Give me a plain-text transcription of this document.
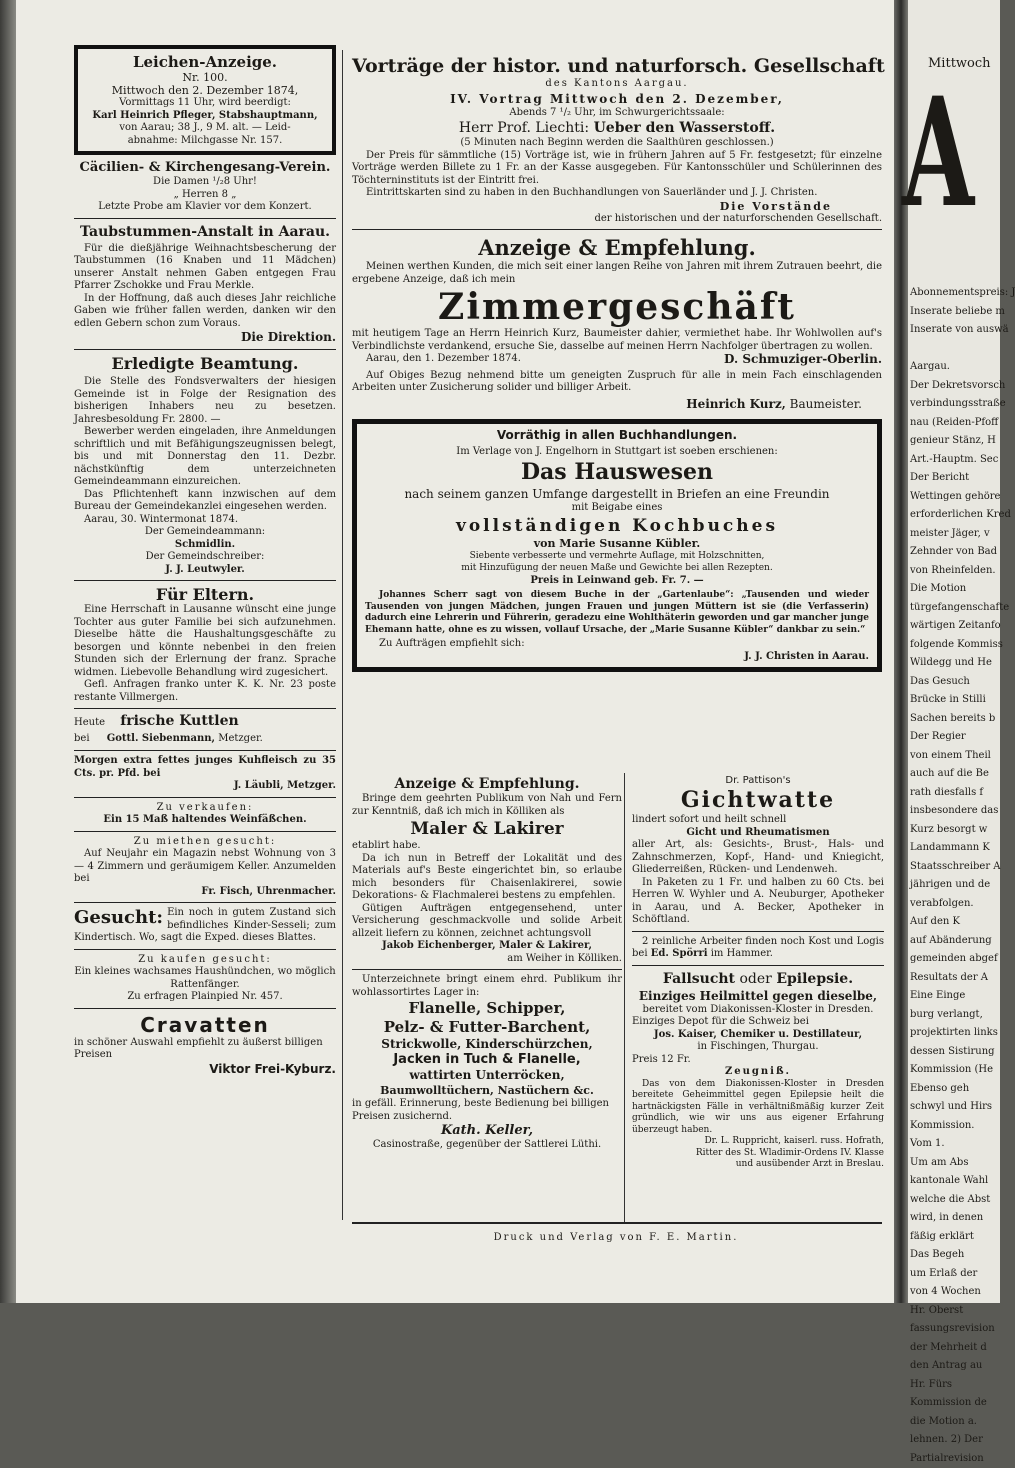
Leichen-Anzeige.

Nr. 100.

Mittwoch den 2. Dezember 1874,

Vormittags 11 Uhr, wird beerdigt:

Karl Heinrich Pfleger, Stabshauptmann,

von Aarau; 38 J., 9 M. alt. — Leid-

abnahme: Milchgasse Nr. 157.

Cäcilien- & Kirchengesang-Verein.

Die Damen ¹/₂8 Uhr!

„ Herren 8 „

Letzte Probe am Klavier vor dem Konzert.

Taubstummen-Anstalt in Aarau.

Für die dießjährige Weihnachtsbescherung der Taubstummen (16 Knaben und 11 Mädchen) unserer Anstalt nehmen Gaben entgegen Frau Pfarrer Zschokke und Frau Merkle.

In der Hoffnung, daß auch dieses Jahr reichliche Gaben wie früher fallen werden, danken wir den edlen Gebern schon zum Voraus.

Die Direktion.

Erledigte Beamtung.

Die Stelle des Fondsverwalters der hiesigen Gemeinde ist in Folge der Resignation des bisherigen Inhabers neu zu besetzen. Jahresbesoldung Fr. 2800. —

Bewerber werden eingeladen, ihre Anmeldungen schriftlich und mit Befähigungszeugnissen belegt, bis und mit Donnerstag den 11. Dezbr. nächstkünftig dem unterzeichneten Gemeindeammann einzureichen.

Das Pflichtenheft kann inzwischen auf dem Bureau der Gemeindekanzlei eingesehen werden.

Aarau, 30. Wintermonat 1874.

Der Gemeindeammann:

Schmidlin.

Der Gemeindschreiber:

J. J. Leutwyler.

Für Eltern.

Eine Herrschaft in Lausanne wünscht eine junge Tochter aus guter Familie bei sich aufzunehmen. Dieselbe hätte die Haushaltungsgeschäfte zu besorgen und könnte nebenbei in den freien Stunden sich der Erlernung der franz. Sprache widmen. Liebevolle Behandlung wird zugesichert.

Gefl. Anfragen franko unter K. K. Nr. 23 poste restante Villmergen.

Heute frische Kuttlen

bei Gottl. Siebenmann, Metzger.

Morgen extra fettes junges Kuhfleisch zu 35 Cts. pr. Pfd. bei

J. Läubli, Metzger.

Zu verkaufen:

Ein 15 Maß haltendes Weinfäßchen.

Zu miethen gesucht:

Auf Neujahr ein Magazin nebst Wohnung von 3 — 4 Zimmern und geräumigem Keller. Anzumelden bei

Fr. Fisch, Uhrenmacher.

Gesucht: Ein noch in gutem Zustand sich befindliches Kinder-Sesseli; zum Kindertisch. Wo, sagt die Exped. dieses Blattes.

Zu kaufen gesucht:

Ein kleines wachsames Haushündchen, wo möglich Rattenfänger.

Zu erfragen Plainpied Nr. 457.

Cravatten

in schöner Auswahl empfiehlt zu äußerst billigen Preisen

Viktor Frei-Kyburz.

Vorträge der histor. und naturforsch. Gesellschaft

des Kantons Aargau.

IV. Vortrag Mittwoch den 2. Dezember,

Abends 7 ¹/₂ Uhr, im Schwurgerichtssaale:

Herr Prof. Liechti: Ueber den Wasserstoff.

(5 Minuten nach Beginn werden die Saalthüren geschlossen.)

Der Preis für sämmtliche (15) Vorträge ist, wie in frühern Jahren auf 5 Fr. festgesetzt; für einzelne Vorträge werden Billete zu 1 Fr. an der Kasse ausgegeben. Für Kantonsschüler und Schülerinnen des Töchterninstituts ist der Eintritt frei.

Eintrittskarten sind zu haben in den Buchhandlungen von Sauerländer und J. J. Christen.

Die Vorstände

der historischen und der naturforschenden Gesellschaft.

Anzeige & Empfehlung.

Meinen werthen Kunden, die mich seit einer langen Reihe von Jahren mit ihrem Zutrauen beehrt, die ergebene Anzeige, daß ich mein

Zimmergeschäft

mit heutigem Tage an Herrn Heinrich Kurz, Baumeister dahier, vermiethet habe. Ihr Wohlwollen auf's Verbindlichste verdankend, ersuche Sie, dasselbe auf meinen Herrn Nachfolger übertragen zu wollen.

Aarau, den 1. Dezember 1874.	D. Schmuziger-Oberlin.

Auf Obiges Bezug nehmend bitte um geneigten Zuspruch für alle in mein Fach einschlagenden Arbeiten unter Zusicherung solider und billiger Arbeit.

Heinrich Kurz, Baumeister.

Vorräthig in allen Buchhandlungen.

Im Verlage von J. Engelhorn in Stuttgart ist soeben erschienen:

Das Hauswesen

nach seinem ganzen Umfange dargestellt in Briefen an eine Freundin

mit Beigabe eines

vollständigen Kochbuches

von Marie Susanne Kübler.

Siebente verbesserte und vermehrte Auflage, mit Holzschnitten,

mit Hinzufügung der neuen Maße und Gewichte bei allen Rezepten.

Preis in Leinwand geb. Fr. 7. —

Johannes Scherr sagt von diesem Buche in der „Gartenlaube“: „Tausenden und wieder Tausenden von jungen Mädchen, jungen Frauen und jungen Müttern ist sie (die Verfasserin) dadurch eine Lehrerin und Führerin, geradezu eine Wohlthäterin geworden und gar mancher junge Ehemann hatte, ohne es zu wissen, vollauf Ursache, der „Marie Susanne Kübler“ dankbar zu sein.“

Zu Aufträgen empfiehlt sich:

J. J. Christen in Aarau.

Anzeige & Empfehlung.

Bringe dem geehrten Publikum von Nah und Fern zur Kenntniß, daß ich mich in Kölliken als

Maler & Lakirer

etablirt habe.

Da ich nun in Betreff der Lokalität und des Materials auf's Beste eingerichtet bin, so erlaube mich besonders für Chaisenlakirerei, sowie Dekorations- & Flachmalerei bestens zu empfehlen.

Gütigen Aufträgen entgegensehend, unter Versicherung geschmackvolle und solide Arbeit allzeit liefern zu können, zeichnet achtungsvoll

Jakob Eichenberger, Maler & Lakirer,

am Weiher in Kölliken.

Unterzeichnete bringt einem ehrd. Publikum ihr wohlassortirtes Lager in:

Flanelle, Schipper,

Pelz- & Futter-Barchent,

Strickwolle, Kinderschürzchen,

Jacken in Tuch & Flanelle,

wattirten Unterröcken,

Baumwolltüchern, Nastüchern &c.

in gefäll. Erinnerung, beste Bedienung bei billigen Preisen zusichernd.

Kath. Keller,

Casinostraße, gegenüber der Sattlerei Lüthi.

Dr. Pattison's

Gichtwatte

lindert sofort und heilt schnell

Gicht und Rheumatismen

aller Art, als: Gesichts-, Brust-, Hals- und Zahnschmerzen, Kopf-, Hand- und Kniegicht, Gliederreißen, Rücken- und Lendenweh.

In Paketen zu 1 Fr. und halben zu 60 Cts. bei Herren W. Wyhler und A. Neuburger, Apotheker in Aarau, und A. Becker, Apotheker in Schöftland.

2 reinliche Arbeiter finden noch Kost und Logis bei Ed. Spörri im Hammer.

Fallsucht oder Epilepsie.

Einziges Heilmittel gegen dieselbe,

bereitet vom Diakonissen-Kloster in Dresden.

Einziges Depot für die Schweiz bei

Jos. Kaiser, Chemiker u. Destillateur,

in Fischingen, Thurgau.

Preis 12 Fr.

Zeugniß.

Das von dem Diakonissen-Kloster in Dresden bereitete Geheimmittel gegen Epilepsie heilt die hartnäckigsten Fälle in verhältnißmäßig kurzer Zeit gründlich, wie wir uns aus eigener Erfahrung überzeugt haben.

Dr. L. Ruppricht, kaiserl. russ. Hofrath,

Ritter des St. Wladimir-Ordens IV. Klasse

und ausübender Arzt in Breslau.

Druck und Verlag von F. E. Martin.

Mittwoch

A

Abonnementspreis: J

Inserate beliebe m

Inserate von auswä

Aargau.

Der Dekretsvorsch

verbindungsstraße

nau (Reiden-Pfoff

genieur Stänz, H

Art.-Hauptm. Sec

Der Bericht

Wettingen gehöre

erforderlichen Kred

meister Jäger, v

Zehnder von Bad

von Rheinfelden.

Die Motion

türgefangenschafte

wärtigen Zeitanfo

folgende Kommiss

Wildegg und He

Das Gesuch

Brücke in Stilli

Sachen bereits b

Der Regier

von einem Theil

auch auf die Be

rath diesfalls f

insbesondere das

Kurz besorgt w

Landammann K

Staatsschreiber A

jährigen und de

verabfolgen.

Auf den K

auf Abänderung

gemeinden abgef

Resultats der A

Eine Einge

burg verlangt,

projektirten links

dessen Sistirung

Kommission (He

Ebenso geh

schwyl und Hirs

Kommission.

Vom 1.

Um am Abs

kantonale Wahl

welche die Abst

wird, in denen

fäßig erklärt

Das Begeh

um Erlaß der

von 4 Wochen

Hr. Oberst

fassungsrevision

der Mehrheit d

den Antrag au

Hr. Fürs

Kommission de

die Motion a.

lehnen. 2) Der

Partialrevision
